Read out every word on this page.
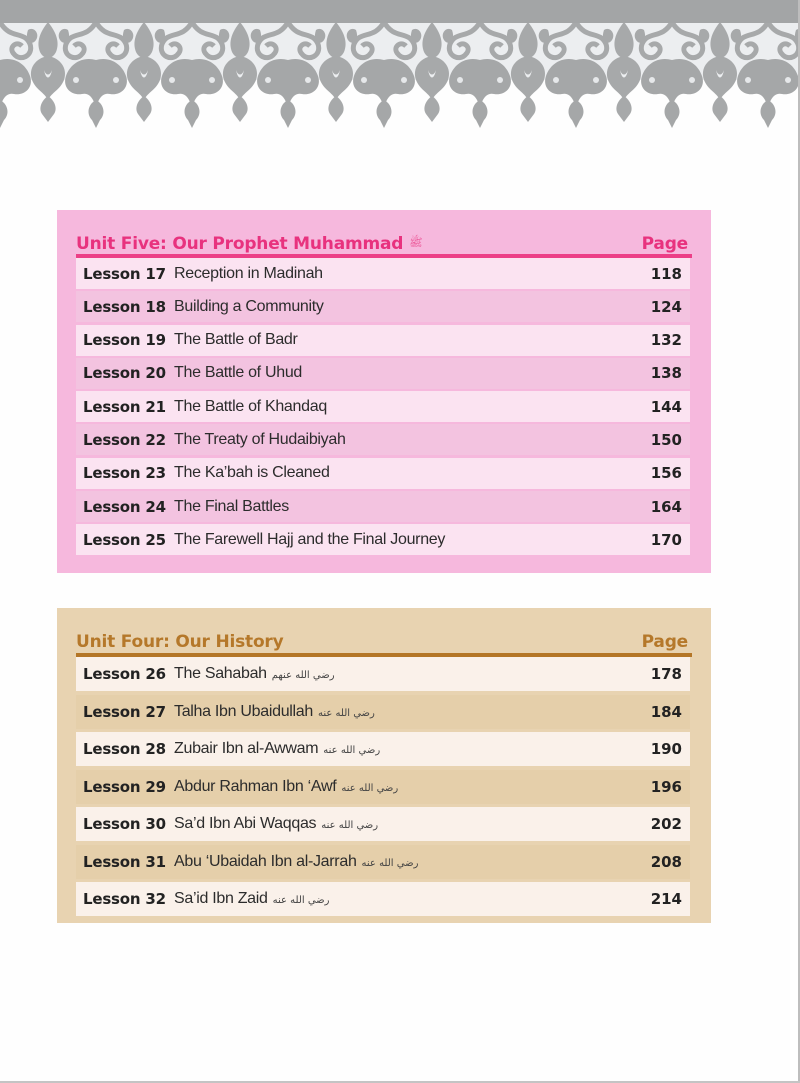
Unit Five: Our Prophet Muhammad ﷺ	Page
Lesson 17 Reception in Madinah	118
Lesson 18 Building a Community	124
Lesson 19 The Battle of Badr	132
Lesson 20 The Battle of Uhud	138
Lesson 21 The Battle of Khandaq	144
Lesson 22 The Treaty of Hudaibiyah	150
Lesson 23 The Ka’bah is Cleaned	156
Lesson 24 The Final Battles	164
Lesson 25 The Farewell Hajj and the Final Journey	170
Unit Four: Our History	Page
Lesson 26 The Sahabah رضي الله عنهم	178
Lesson 27 Talha Ibn Ubaidullah رضي الله عنه	184
Lesson 28 Zubair Ibn al-Awwam رضي الله عنه	190
Lesson 29 Abdur Rahman Ibn ‘Awf رضي الله عنه	196
Lesson 30 Sa’d Ibn Abi Waqqas رضي الله عنه	202
Lesson 31 Abu ‘Ubaidah Ibn al-Jarrah رضي الله عنه	208
Lesson 32 Sa’id Ibn Zaid رضي الله عنه	214
